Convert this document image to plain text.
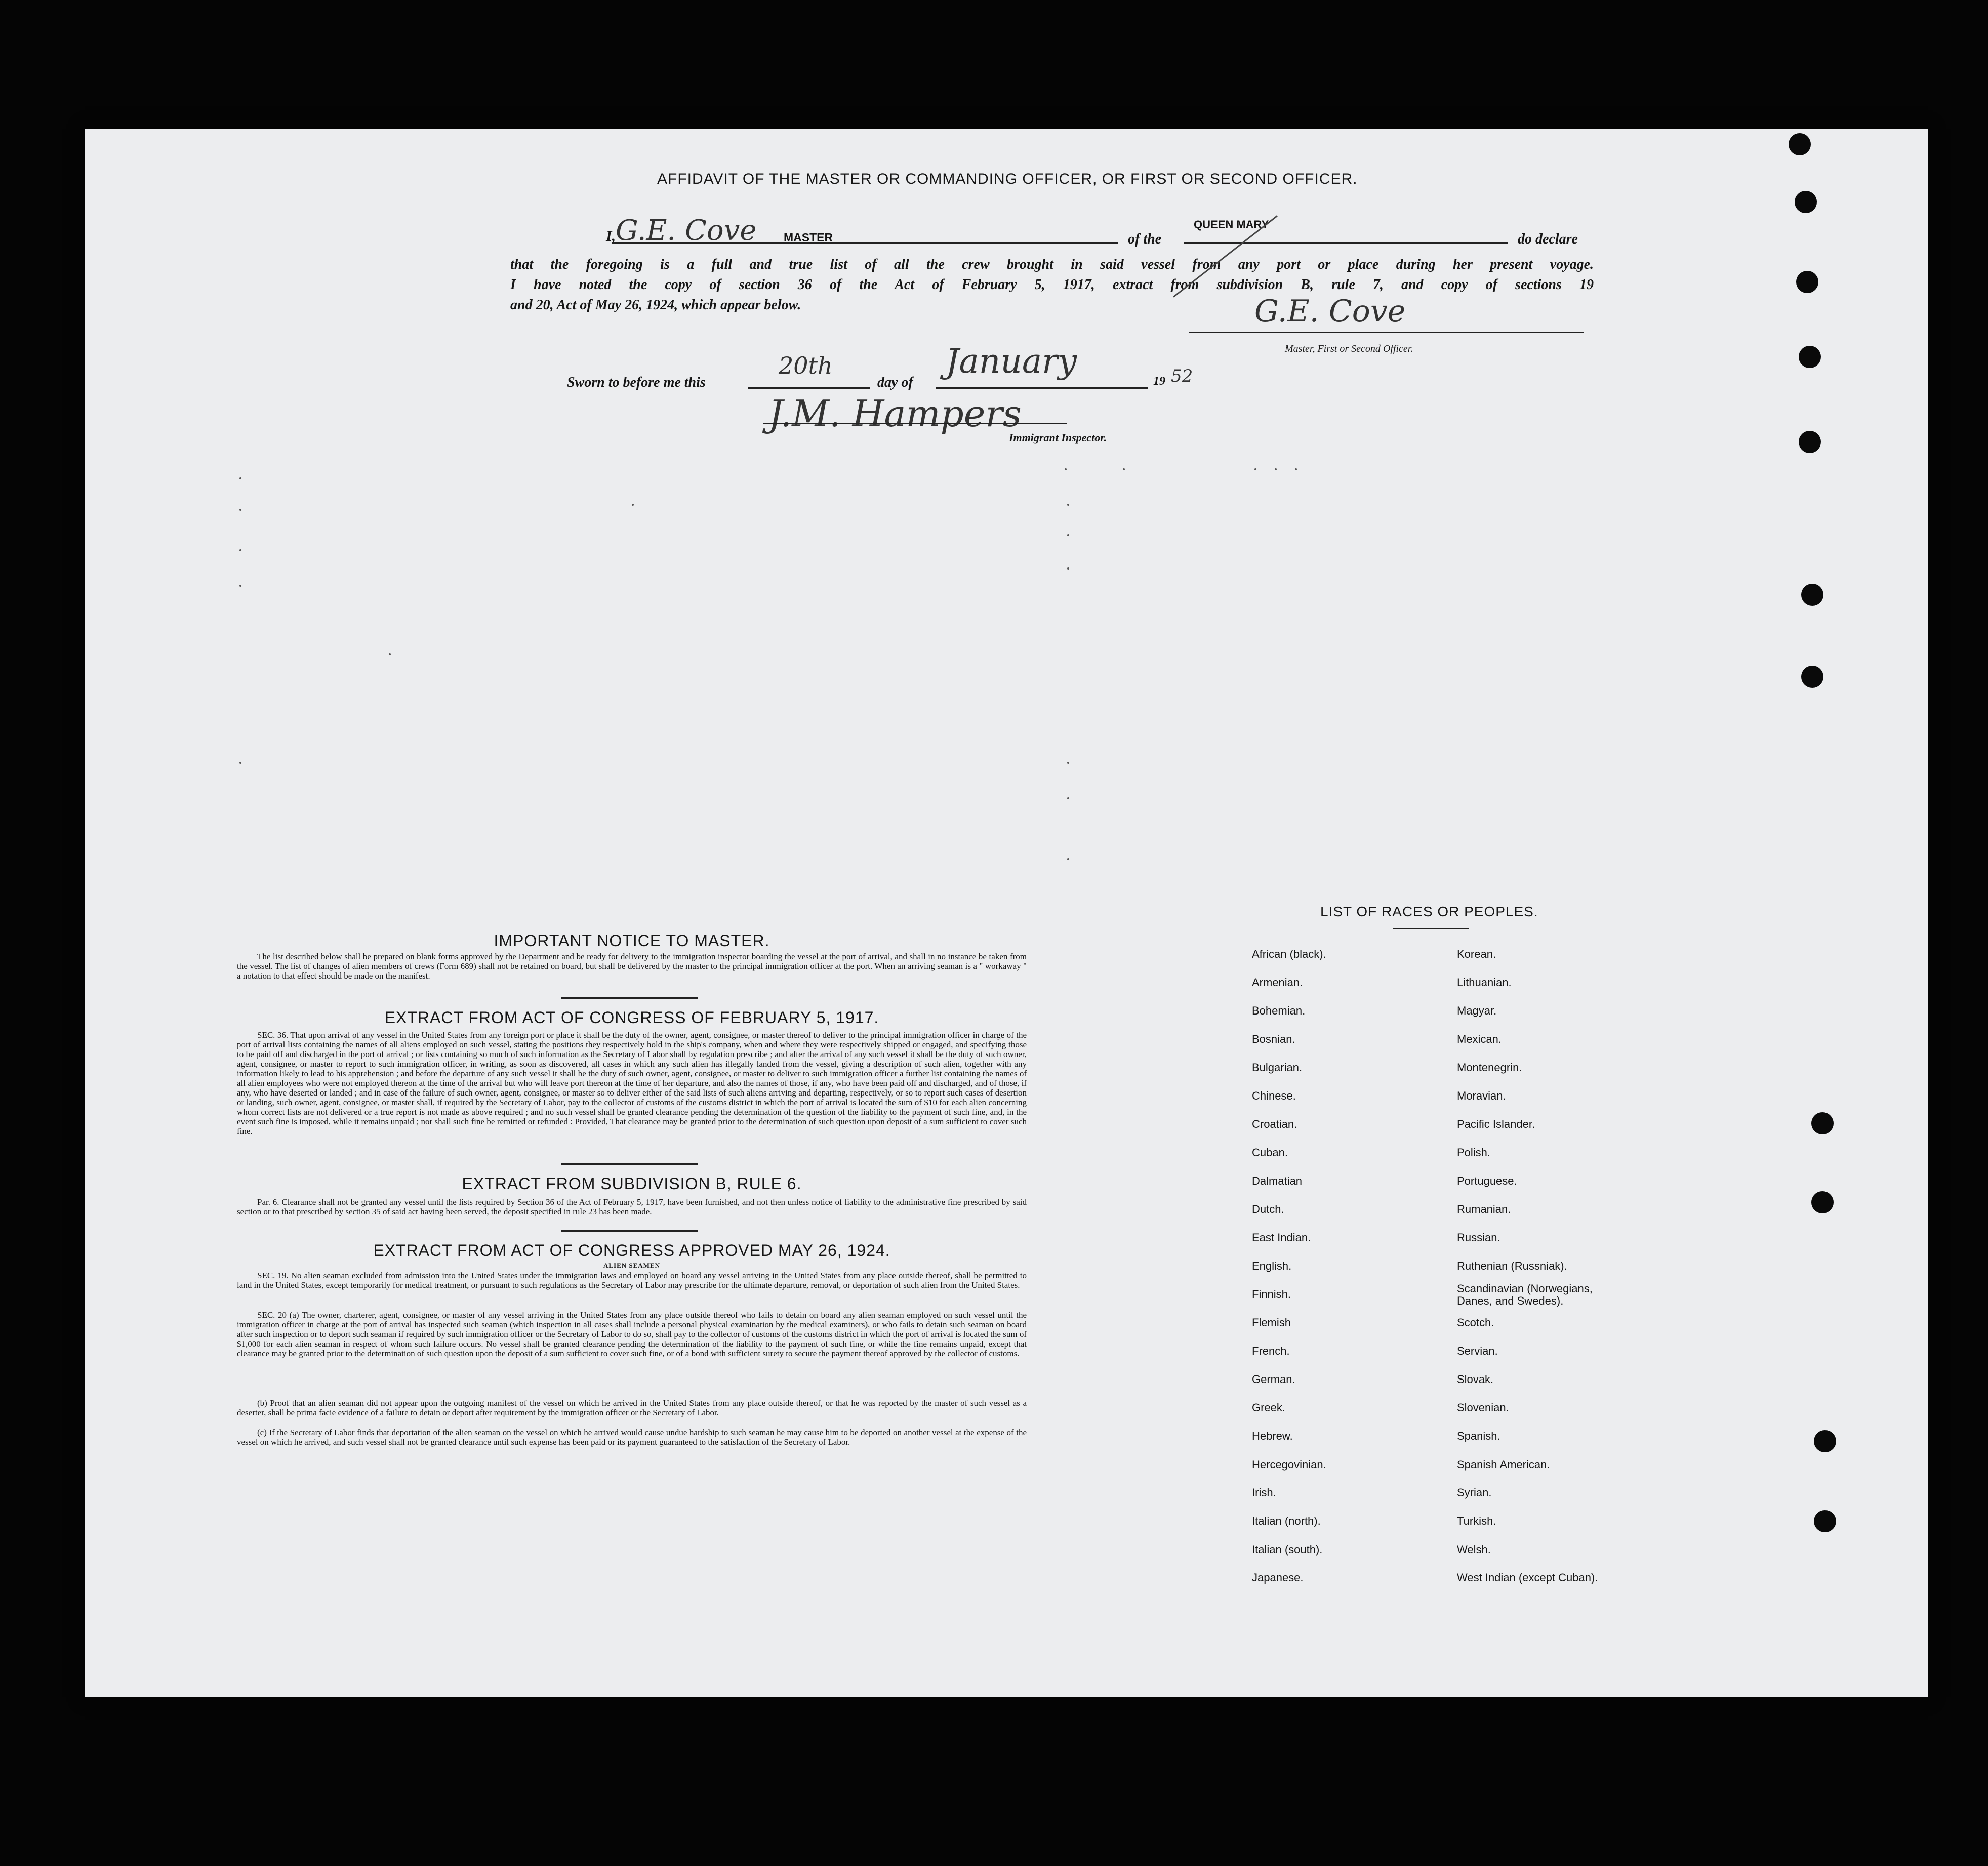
AFFIDAVIT OF THE MASTER OR COMMANDING OFFICER, OR FIRST OR SECOND OFFICER.
I, G.E. Cove MASTER	of the
QUEEN MARY
do declare
that the foregoing is a full and true list of all the crew brought in said vessel from any port or place during her present voyage.
I have noted the copy of section 36 of the Act of February 5, 1917, extract from subdivision B, rule 7, and copy of sections 19
and 20, Act of May 26, 1924, which appear below.	G.E. Cove
Master, First or Second Officer.
Sworn to before me this
20th
day of
January
19 52
J.M. Hampers
Immigrant Inspector.
IMPORTANT NOTICE TO MASTER.
The list described below shall be prepared on blank forms approved by the Department and be ready for delivery to the immigration inspector boarding the vessel at the port of arrival, and shall in no instance be taken from the vessel. The list of changes of alien members of crews (Form 689) shall not be retained on board, but shall be delivered by the master to the principal immigration officer at the port. When an arriving seaman is a " workaway " a notation to that effect should be made on the manifest.
EXTRACT FROM ACT OF CONGRESS OF FEBRUARY 5, 1917.
SEC. 36. That upon arrival of any vessel in the United States from any foreign port or place it shall be the duty of the owner, agent, consignee, or master thereof to deliver to the principal immigration officer in charge of the port of arrival lists containing the names of all aliens employed on such vessel, stating the positions they respectively hold in the ship's company, when and where they were respectively shipped or engaged, and specifying those to be paid off and discharged in the port of arrival ; or lists containing so much of such information as the Secretary of Labor shall by regulation prescribe ; and after the arrival of any such vessel it shall be the duty of such owner, agent, consignee, or master to report to such immigration officer, in writing, as soon as discovered, all cases in which any such alien has illegally landed from the vessel, giving a description of such alien, together with any information likely to lead to his apprehension ; and before the departure of any such vessel it shall be the duty of such owner, agent, consignee, or master to deliver to such immigration officer a further list containing the names of all alien employees who were not employed thereon at the time of the arrival but who will leave port thereon at the time of her departure, and also the names of those, if any, who have been paid off and discharged, and of those, if any, who have deserted or landed ; and in case of the failure of such owner, agent, consignee, or master so to deliver either of the said lists of such aliens arriving and departing, respectively, or so to report such cases of desertion or landing, such owner, agent, consignee, or master shall, if required by the Secretary of Labor, pay to the collector of customs of the customs district in which the port of arrival is located the sum of $10 for each alien concerning whom correct lists are not delivered or a true report is not made as above required ; and no such vessel shall be granted clearance pending the determination of the question of the liability to the payment of such fine, and, in the event such fine is imposed, while it remains unpaid ; nor shall such fine be remitted or refunded : Provided, That clearance may be granted prior to the determination of such question upon deposit of a sum sufficient to cover such fine.
EXTRACT FROM SUBDIVISION B, RULE 6.
Par. 6. Clearance shall not be granted any vessel until the lists required by Section 36 of the Act of February 5, 1917, have been furnished, and not then unless notice of liability to the administrative fine prescribed by said section or to that prescribed by section 35 of said act having been served, the deposit specified in rule 23 has been made.
EXTRACT FROM ACT OF CONGRESS APPROVED MAY 26, 1924.
ALIEN SEAMEN
SEC. 19. No alien seaman excluded from admission into the United States under the immigration laws and employed on board any vessel arriving in the United States from any place outside thereof, shall be permitted to land in the United States, except temporarily for medical treatment, or pursuant to such regulations as the Secretary of Labor may prescribe for the ultimate departure, removal, or deportation of such alien from the United States.
SEC. 20 (a) The owner, charterer, agent, consignee, or master of any vessel arriving in the United States from any place outside thereof who fails to detain on board any alien seaman employed on such vessel until the immigration officer in charge at the port of arrival has inspected such seaman (which inspection in all cases shall include a personal physical examination by the medical examiners), or who fails to detain such seaman on board after such inspection or to deport such seaman if required by such immigration officer or the Secretary of Labor to do so, shall pay to the collector of customs of the customs district in which the port of arrival is located the sum of $1,000 for each alien seaman in respect of whom such failure occurs. No vessel shall be granted clearance pending the determination of the liability to the payment of such fine, or while the fine remains unpaid, except that clearance may be granted prior to the determination of such question upon the deposit of a sum sufficient to cover such fine, or of a bond with sufficient surety to secure the payment thereof approved by the collector of customs.
(b) Proof that an alien seaman did not appear upon the outgoing manifest of the vessel on which he arrived in the United States from any place outside thereof, or that he was reported by the master of such vessel as a deserter, shall be prima facie evidence of a failure to detain or deport after requirement by the immigration officer or the Secretary of Labor.
(c) If the Secretary of Labor finds that deportation of the alien seaman on the vessel on which he arrived would cause undue hardship to such seaman he may cause him to be deported on another vessel at the expense of the vessel on which he arrived, and such vessel shall not be granted clearance until such expense has been paid or its payment guaranteed to the satisfaction of the Secretary of Labor.
LIST OF RACES OR PEOPLES.
African (black).
Armenian.
Bohemian.
Bosnian.
Bulgarian.
Chinese.
Croatian.
Cuban.
Dalmatian
Dutch.
East Indian.
English.
Finnish.
Flemish
French.
German.
Greek.
Hebrew.
Hercegovinian.
Irish.
Italian (north).
Italian (south).
Japanese.
Korean.
Lithuanian.
Magyar.
Mexican.
Montenegrin.
Moravian.
Pacific Islander.
Polish.
Portuguese.
Rumanian.
Russian.
Ruthenian (Russniak).
Scandinavian (Norwegians, Danes, and Swedes).
Scotch.
Servian.
Slovak.
Slovenian.
Spanish.
Spanish American.
Syrian.
Turkish.
Welsh.
West Indian (except Cuban).
